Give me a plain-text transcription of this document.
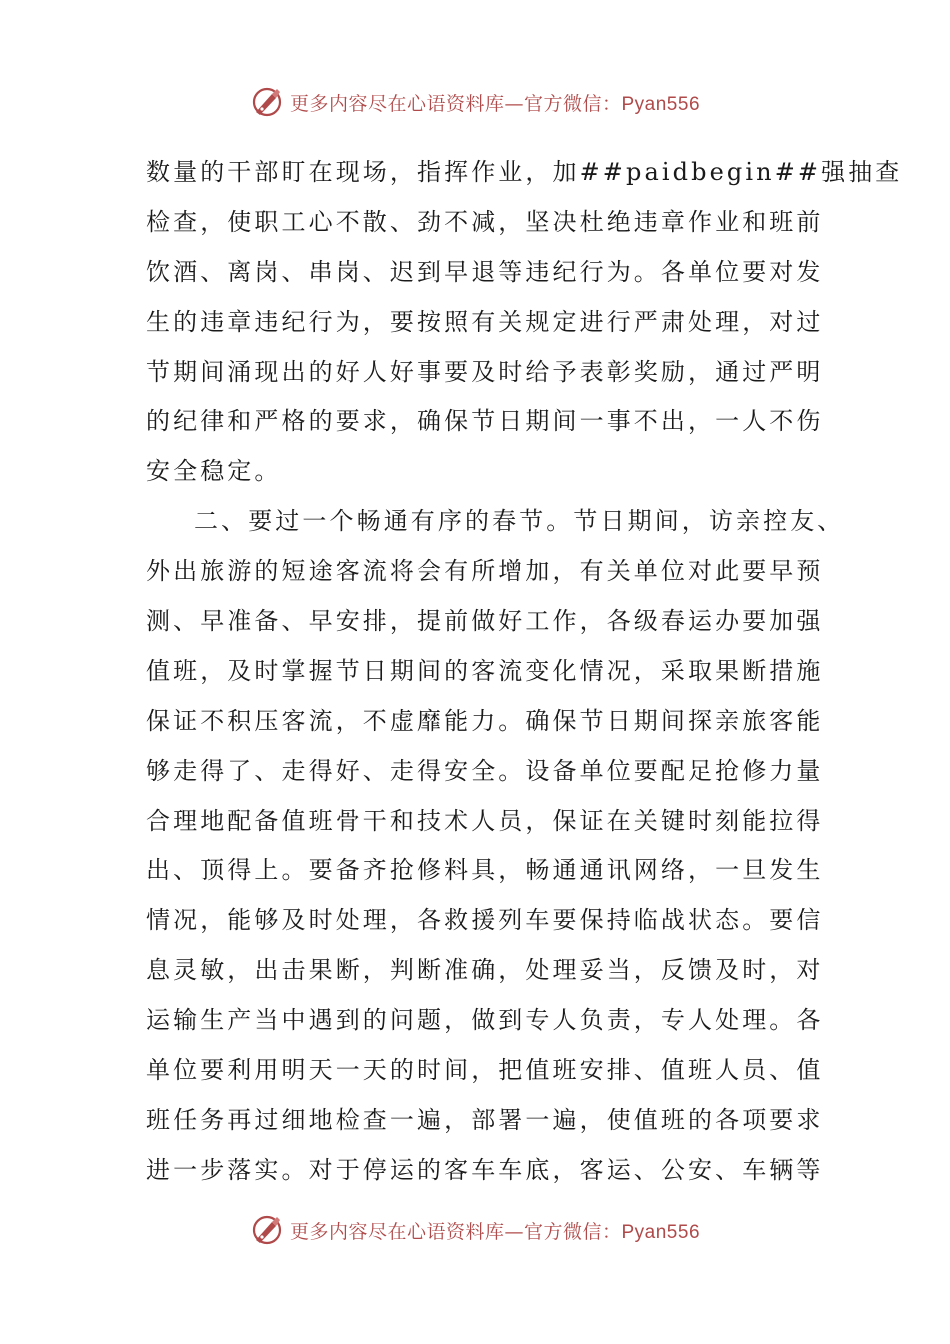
更多内容尽在心语资料库—官方微信：Pyan556
数量的干部盯在现场，指挥作业，加##paidbegin##强抽查
检查，使职工心不散、劲不减，坚决杜绝违章作业和班前
饮酒、离岗、串岗、迟到早退等违纪行为。各单位要对发
生的违章违纪行为，要按照有关规定进行严肃处理，对过
节期间涌现出的好人好事要及时给予表彰奖励，通过严明
的纪律和严格的要求，确保节日期间一事不出，一人不伤
安全稳定。
二、要过一个畅通有序的春节。节日期间，访亲控友、
外出旅游的短途客流将会有所增加，有关单位对此要早预
测、早准备、早安排，提前做好工作，各级春运办要加强
值班，及时掌握节日期间的客流变化情况，采取果断措施
保证不积压客流，不虚靡能力。确保节日期间探亲旅客能
够走得了、走得好、走得安全。设备单位要配足抢修力量
合理地配备值班骨干和技术人员，保证在关键时刻能拉得
出、顶得上。要备齐抢修料具，畅通通讯网络，一旦发生
情况，能够及时处理，各救援列车要保持临战状态。要信
息灵敏，出击果断，判断准确，处理妥当，反馈及时，对
运输生产当中遇到的问题，做到专人负责，专人处理。各
单位要利用明天一天的时间，把值班安排、值班人员、值
班任务再过细地检查一遍，部署一遍，使值班的各项要求
进一步落实。对于停运的客车车底，客运、公安、车辆等
更多内容尽在心语资料库—官方微信：Pyan556
